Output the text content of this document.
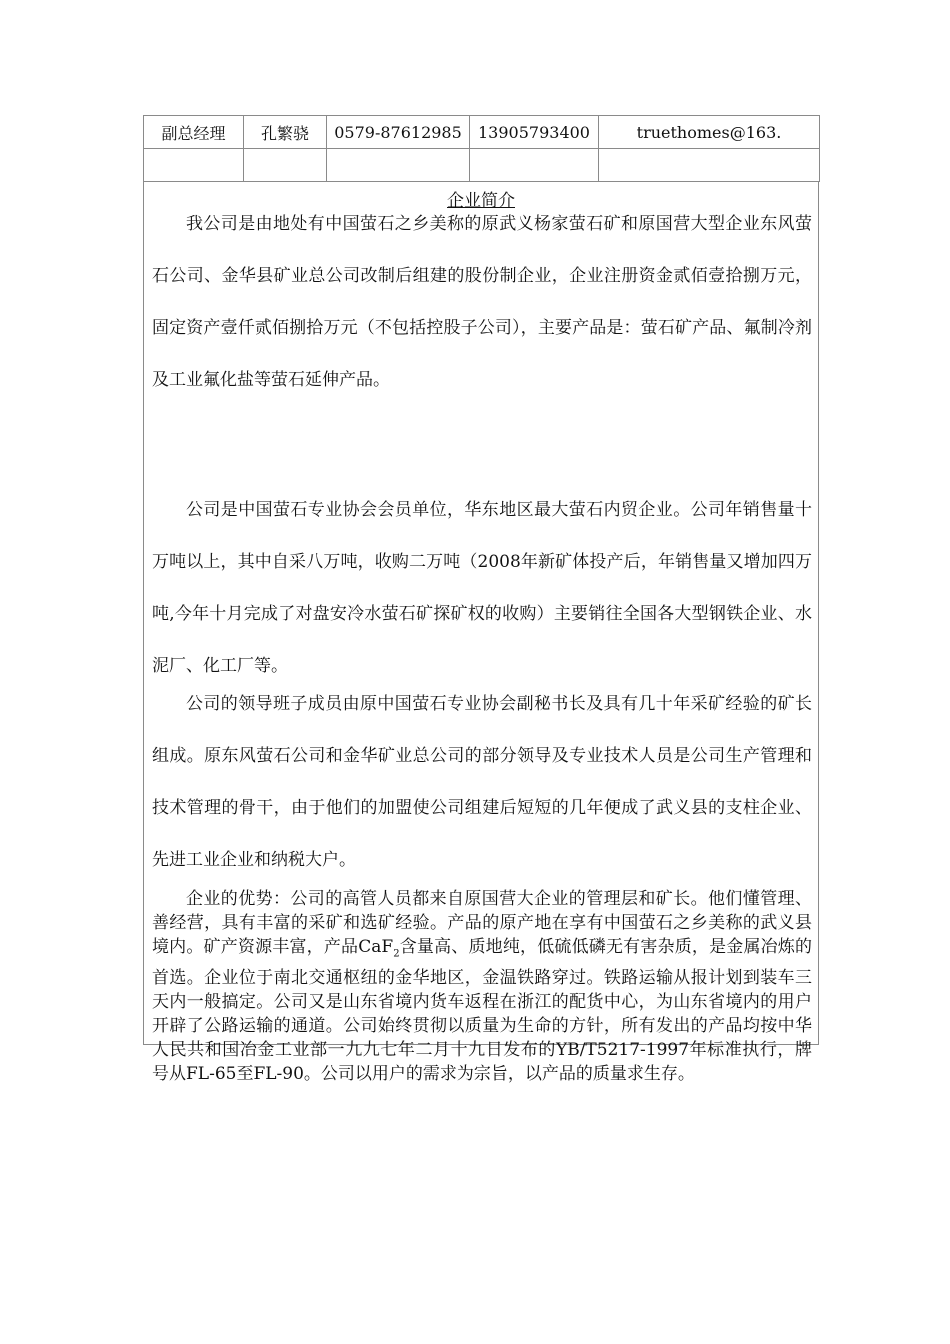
副总经理	孔繁骁	0579-87612985	13905793400	truethomes@163.

企业简介

我公司是由地处有中国萤石之乡美称的原武义杨家萤石矿和原国营大型企业东风萤石公司、金华县矿业总公司改制后组建的股份制企业，企业注册资金贰佰壹拾捌万元，固定资产壹仟贰佰捌拾万元（不包括控股子公司），主要产品是：萤石矿产品、氟制冷剂及工业氟化盐等萤石延伸产品。

公司是中国萤石专业协会会员单位，华东地区最大萤石内贸企业。公司年销售量十万吨以上，其中自采八万吨，收购二万吨（2008年新矿体投产后，年销售量又增加四万吨,今年十月完成了对盘安冷水萤石矿探矿权的收购）主要销往全国各大型钢铁企业、水泥厂、化工厂等。

公司的领导班子成员由原中国萤石专业协会副秘书长及具有几十年采矿经验的矿长组成。原东风萤石公司和金华矿业总公司的部分领导及专业技术人员是公司生产管理和技术管理的骨干，由于他们的加盟使公司组建后短短的几年便成了武义县的支柱企业、先进工业企业和纳税大户。

企业的优势：公司的高管人员都来自原国营大企业的管理层和矿长。他们懂管理、善经营，具有丰富的采矿和选矿经验。产品的原产地在享有中国萤石之乡美称的武义县境内。矿产资源丰富，产品CaF$_2$含量高、质地纯，低硫低磷无有害杂质，是金属冶炼的首选。企业位于南北交通枢纽的金华地区，金温铁路穿过。铁路运输从报计划到装车三天内一般搞定。公司又是山东省境内货车返程在浙江的配货中心，为山东省境内的用户开辟了公路运输的通道。公司始终贯彻以质量为生命的方针，所有发出的产品均按中华人民共和国冶金工业部一九九七年二月十九日发布的YB/T5217-1997年标准执行，牌号从FL-65至FL-90。公司以用户的需求为宗旨，以产品的质量求生存。
